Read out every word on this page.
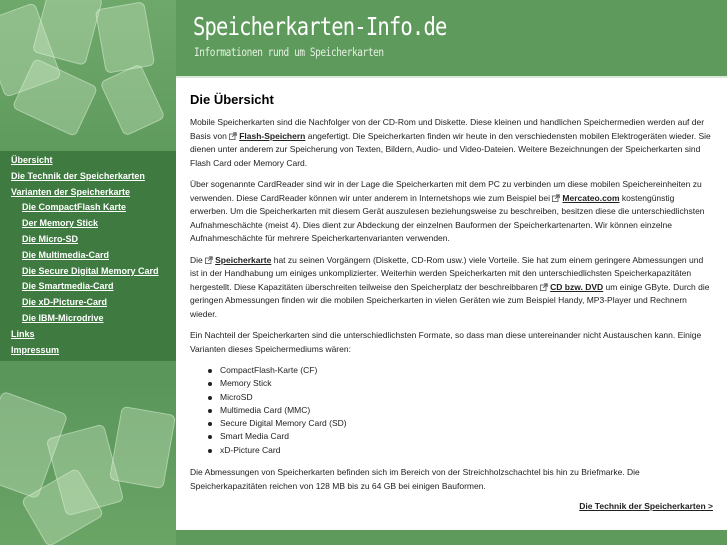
Speicherkarten-Info.de
Informationen rund um Speicherkarten
Übersicht
Die Technik der Speicherkarten
Varianten der Speicherkarte
Die CompactFlash Karte
Der Memory Stick
Die Micro-SD
Die Multimedia-Card
Die Secure Digital Memory Card
Die Smartmedia-Card
Die xD-Picture-Card
Die IBM-Microdrive
Links
Impressum
Die Übersicht

Mobile Speicherkarten sind die Nachfolger von der CD-Rom und Diskette. Diese kleinen und handlichen Speichermedien werden auf der Basis von Flash-Speichern angefertigt. Die Speicherkarten finden wir heute in den verschiedensten mobilen Elektrogeräten wieder. Sie dienen unter anderem zur Speicherung von Texten, Bildern, Audio- und Video-Dateien. Weitere Bezeichnungen der Speicherkarten sind Flash Card oder Memory Card.

Über sogenannte CardReader sind wir in der Lage die Speicherkarten mit dem PC zu verbinden um diese mobilen Speichereinheiten zu verwenden. Diese CardReader können wir unter anderem in Internetshops wie zum Beispiel bei Mercateo.com kostengünstig erwerben. Um die Speicherkarten mit diesem Gerät auszulesen beziehungsweise zu beschreiben, besitzen diese die unterschiedlichsten Aufnahmeschächte (meist 4). Dies dient zur Abdeckung der einzelnen Bauformen der Speicherkartenarten. Wir können einzelne Aufnahmeschächte für mehrere Speicherkartenvarianten verwenden.

Die Speicherkarte hat zu seinen Vorgängern (Diskette, CD-Rom usw.) viele Vorteile. Sie hat zum einem geringere Abmessungen und ist in der Handhabung um einiges unkomplizierter. Weiterhin werden Speicherkarten mit den unterschiedlichsten Speicherkapazitäten hergestellt. Diese Kapazitäten überschreiten teilweise den Speicherplatz der beschreibbaren CD bzw. DVD um einige GByte. Durch die geringen Abmessungen finden wir die mobilen Speicherkarten in vielen Geräten wie zum Beispiel Handy, MP3-Player und Rechnern wieder.

Ein Nachteil der Speicherkarten sind die unterschiedlichsten Formate, so dass man diese untereinander nicht Austauschen kann. Einige Varianten dieses Speichermediums wären:

CompactFlash-Karte (CF)
Memory Stick
MicroSD
Multimedia Card (MMC)
Secure Digital Memory Card (SD)
Smart Media Card
xD-Picture Card

Die Abmessungen von Speicherkarten befinden sich im Bereich von der Streichholzschachtel bis hin zu Briefmarke. Die Speicherkapazitäten reichen von 128 MB bis zu 64 GB bei einigen Bauformen.

Die Technik der Speicherkarten >
